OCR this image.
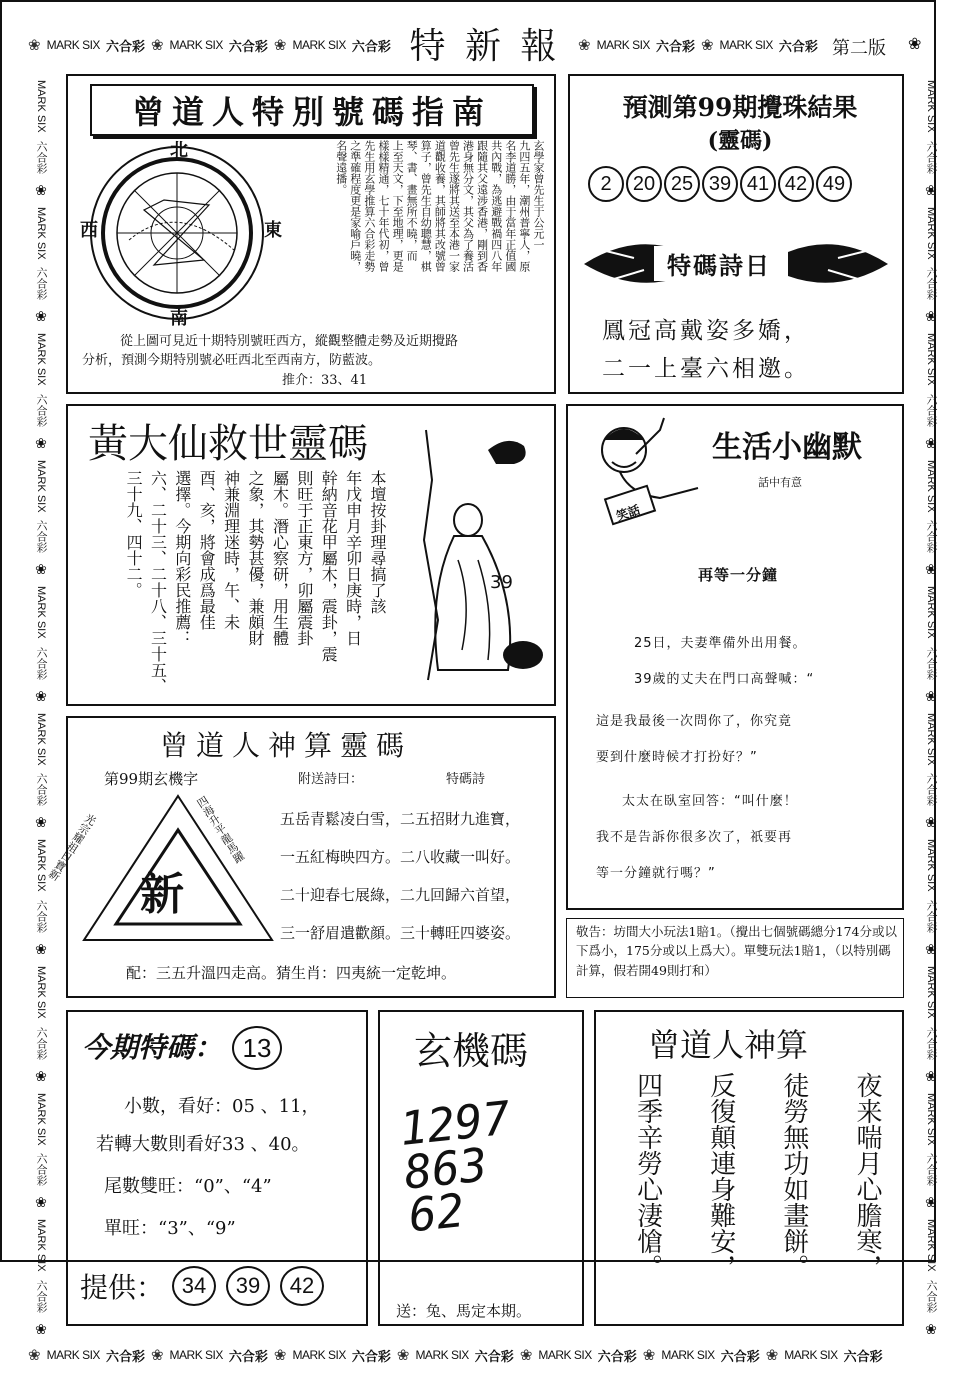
❀ MARK SIX 六合彩 ❀ MARK SIX 六合彩 ❀ MARK SIX 六合彩 特 新 報	❀ MARK SIX 六合彩 ❀ MARK SIX 六合彩 第二版 ❀
MARK SIX
六合彩
❀
MARK SIX
六合彩
❀
MARK SIX
六合彩
❀
MARK SIX
六合彩
❀
MARK SIX
六合彩
❀
MARK SIX
六合彩
❀
MARK SIX
六合彩
❀
MARK SIX
六合彩
❀
MARK SIX
六合彩
❀
MARK SIX
六合彩
❀
MARK SIX
六合彩
❀
MARK SIX
六合彩
❀
MARK SIX
六合彩
❀
MARK SIX
六合彩
❀
MARK SIX
六合彩
❀
MARK SIX
六合彩
❀
MARK SIX
六合彩
❀
MARK SIX
六合彩
❀
MARK SIX
六合彩
❀
MARK SIX
六合彩
❀
❀ MARK SIX 六合彩 ❀ MARK SIX 六合彩 ❀ MARK SIX 六合彩 ❀ MARK SIX 六合彩 ❀ MARK SIX 六合彩 ❀ MARK SIX 六合彩 ❀ MARK SIX 六合彩
曾道人特別號碼指南
北
南
西	東	玄學家曾先生于公元一
九四五年，潮州普寧人，原
名李道勝，由于當年正值國
共內戰，為逃避戰禍四八年
跟隨其父遠涉香港，剛到香
港身無分文，其父為了養活
曾先生遂將其送至本港一家
道觀收養，其師將其改號曾
算子，曾先生自幼聰慧，棋
琴、書、畫無所不曉，而
上至天文，下至地理，更是
樣樣精通，七十年代初，曾
先生用玄學推算六合彩走勢
之準確程度更是家喻戶曉，
名聲遠播。
從上圖可見近十期特別號旺西方，縱觀整體走勢及近期攪路
分析，預測今期特別號必旺西北至西南方，防藍波。
推介：33、41
預測第99期攪珠結果
(靈碼)
2	20 25 39 41 42 49
特碼詩日
鳳冠高戴姿多嬌，
二一上臺六相邀。
黃大仙救世靈碼
本壇按卦理尋搞了該
年戊申月辛卯日庚時，日
幹納音花甲屬木，震卦，震
則旺于正東方，卯屬震卦
屬木。潛心察研，用生體
之象，其勢甚優，兼頗財
神兼淵理迷時，午、未
酉、亥，將會成爲最佳
選擇。今期向彩民推薦：
六、二十三、二十八、三十五、
三十九、四十二。	39
笑話
生活小幽默
話中有意
再等一分鐘
25日，夫妻準備外出用餐。
39歲的丈夫在門口高聲喊：“
這是我最後一次問你了，你究竟
要到什麼時候才打扮好？”
太太在臥室回答：“叫什麼！
我不是告訴你很多次了，祇要再
等一分鐘就行嗎？”
曾道人神算靈碼
第99期玄機字	附送詩曰：	特碼詩
新
光宗耀祖日寶新	四海升平龍馬躍 五岳青鬆凌白雪，二五招財九進寶，
一五紅梅映四方。二八收藏一叫好。
二十迎春七展綠，二九回歸六首望，
三一舒眉遣歡顔。三十轉旺四婆姿。
配：三五升溫四走高。猜生肖：四夷統一定乾坤。
敬告：坊間大小玩法1賠1。（攪出七個號碼總分174分或以下爲小，175分或以上爲大）。單雙玩法1賠1，（以特別碼計算，假若開49則打和）
今期特碼： 13
小數，看好：05 、11，
若轉大數則看好33 、40。
尾數雙旺：“0”、“4”
單旺：“3”、“9”
提供： 34	39	42
玄機碼
1297 863 62
送：兔、馬定本期。
曾道人神算
夜来喘月心膽寒，
徒勞無功如畫餅。
反復顛連身難安，
四季辛勞心淒愴。
